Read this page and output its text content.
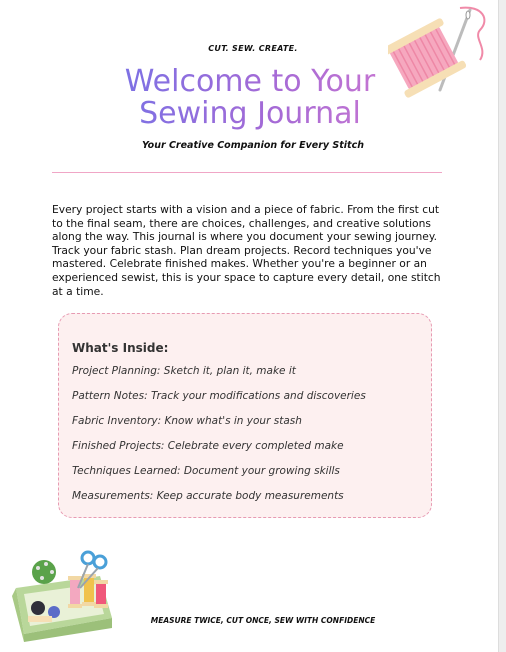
CUT. SEW. CREATE.
Welcome to Your
Sewing Journal
Your Creative Companion for Every Stitch
Every project starts with a vision and a piece of fabric. From the first cut to the final seam, there are choices, challenges, and creative solutions along the way. This journal is where you document your sewing journey. Track your fabric stash. Plan dream projects. Record techniques you've mastered. Celebrate finished makes. Whether you're a beginner or an experienced sewist, this is your space to capture every detail, one stitch at a time.
What's Inside:
Project Planning: Sketch it, plan it, make it
Pattern Notes: Track your modifications and discoveries
Fabric Inventory: Know what's in your stash
Finished Projects: Celebrate every completed make
Techniques Learned: Document your growing skills
Measurements: Keep accurate body measurements
MEASURE TWICE, CUT ONCE, SEW WITH CONFIDENCE
